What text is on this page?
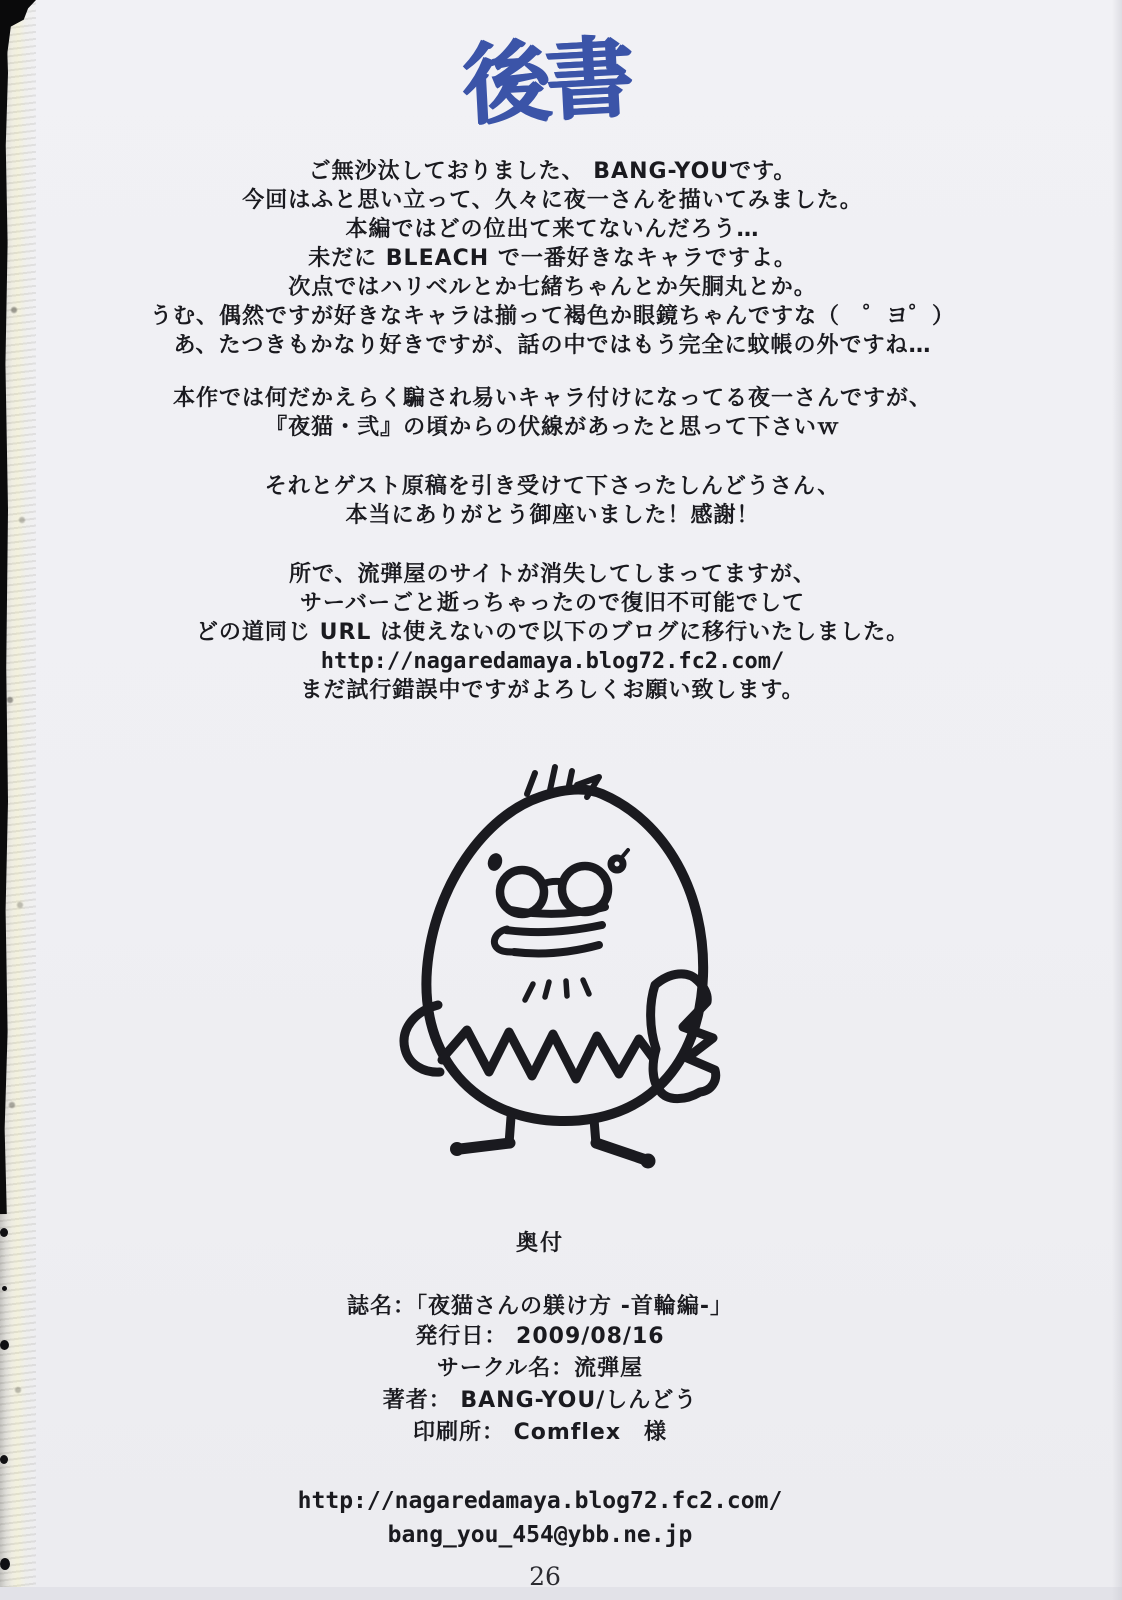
後書
ご無沙汰しておりました、 BANG-YOUです。
今回はふと思い立って、久々に夜一さんを描いてみました。
本編ではどの位出て来てないんだろう…
未だに BLEACH で一番好きなキャラですよ。
次点ではハリベルとか七緒ちゃんとか矢胴丸とか。
うむ、偶然ですが好きなキャラは揃って褐色か眼鏡ちゃんですな（　゜ヨ゜）
あ、たつきもかなり好きですが、話の中ではもう完全に蚊帳の外ですね…
本作では何だかえらく騙され易いキャラ付けになってる夜一さんですが、
『夜猫・弐』の頃からの伏線があったと思って下さいｗ
それとゲスト原稿を引き受けて下さったしんどうさん、
本当にありがとう御座いました！感謝！
所で、流弾屋のサイトが消失してしまってますが、
サーバーごと逝っちゃったので復旧不可能でして
どの道同じ URL は使えないので以下のブログに移行いたしました。
http://nagaredamaya.blog72.fc2.com/
まだ試行錯誤中ですがよろしくお願い致します。
奥付
誌名：「夜猫さんの躾け方 -首輪編-」
発行日： 2009/08/16
サークル名：流弾屋
著者： BANG-YOU/しんどう
印刷所： Comflex　様
http://nagaredamaya.blog72.fc2.com/
bang_you_454@ybb.ne.jp
26
